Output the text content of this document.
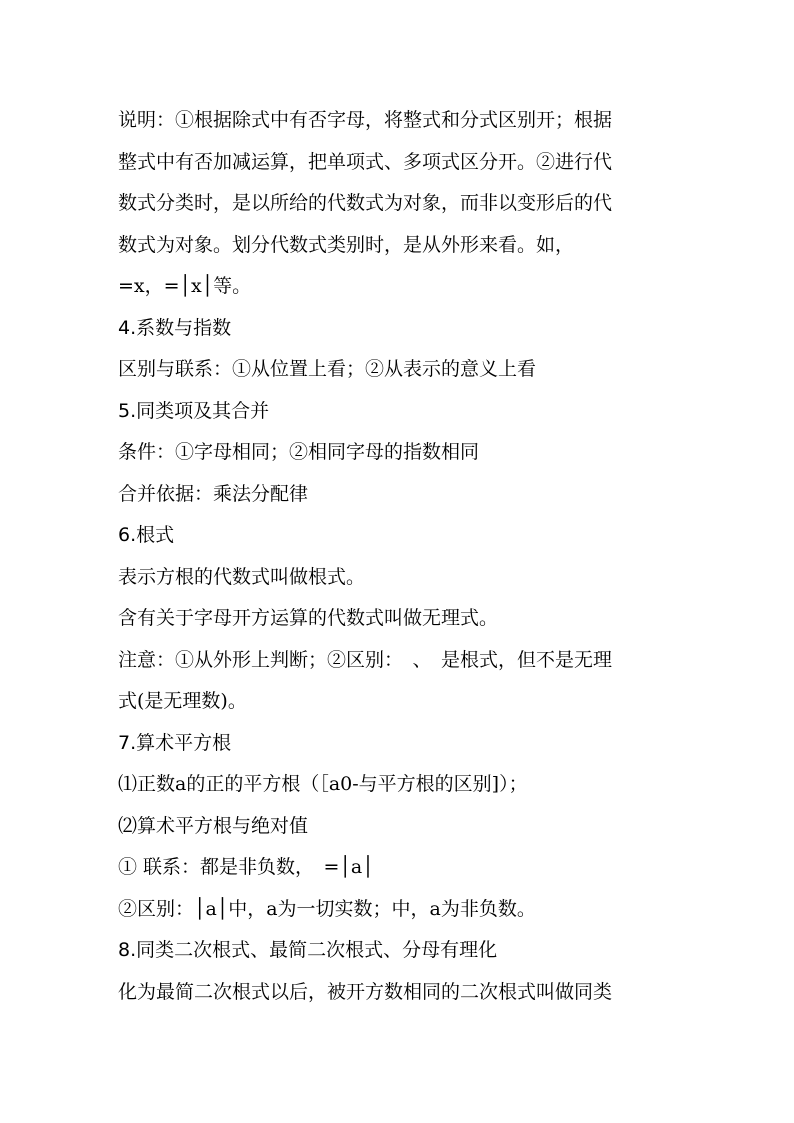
说明：①根据除式中有否字母，将整式和分式区别开；根据
整式中有否加减运算，把单项式、多项式区分开。②进行代
数式分类时，是以所给的代数式为对象，而非以变形后的代
数式为对象。划分代数式类别时，是从外形来看。如，
=x，=│x│等。
4.系数与指数
区别与联系：①从位置上看；②从表示的意义上看
5.同类项及其合并
条件：①字母相同；②相同字母的指数相同
合并依据：乘法分配律
6.根式
表示方根的代数式叫做根式。
含有关于字母开方运算的代数式叫做无理式。
注意：①从外形上判断；②区别：　、　是根式，但不是无理
式(是无理数)。
7.算术平方根
⑴正数a的正的平方根（［a0-与平方根的区别]）；
⑵算术平方根与绝对值
① 联系：都是非负数，　=│a│
②区别：│a│中，a为一切实数；中，a为非负数。
8.同类二次根式、最简二次根式、分母有理化
化为最简二次根式以后，被开方数相同的二次根式叫做同类
